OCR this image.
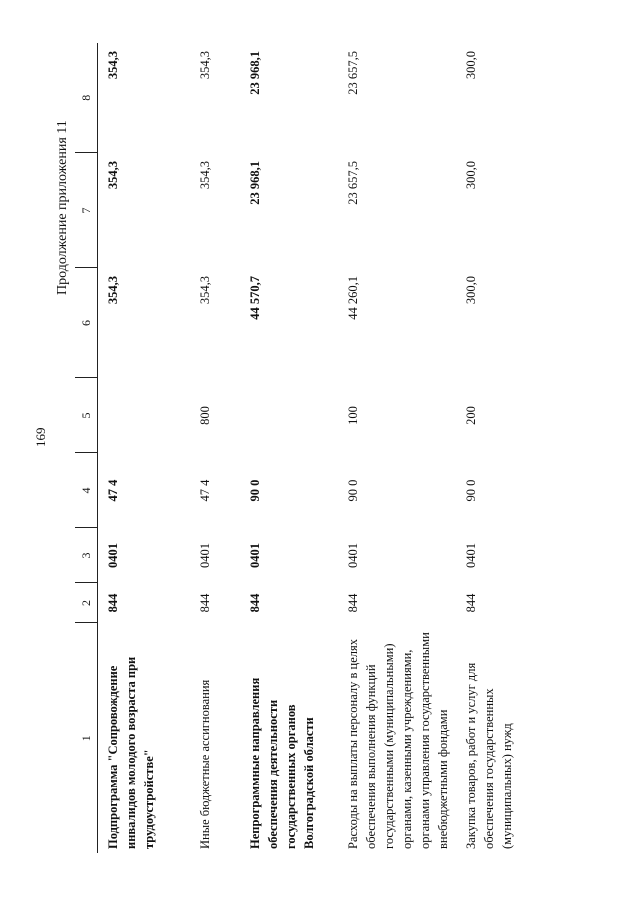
169
Продолжение приложения 11
1	2	3	4	5	6	7	8
Подпрограмма "Сопровождение инвалидов молодого возраста при трудоустройстве"	844	0401	47 4		354,3	354,3	354,3
Иные бюджетные ассигнования	844	0401	47 4	800	354,3	354,3	354,3
Непрограммные направления обеспечения деятельности государственных органов Волгоградской области	844	0401	90 0		44 570,7	23 968,1	23 968,1
Расходы на выплаты персоналу в целях обеспечения выполнения функций государственными (муниципальными) органами, казенными учреждениями, органами управления государственными внебюджетными фондами	844	0401	90 0	100	44 260,1	23 657,5	23 657,5
Закупка товаров, работ и услуг для обеспечения государственных (муниципальных) нужд	844	0401	90 0	200	300,0	300,0	300,0
